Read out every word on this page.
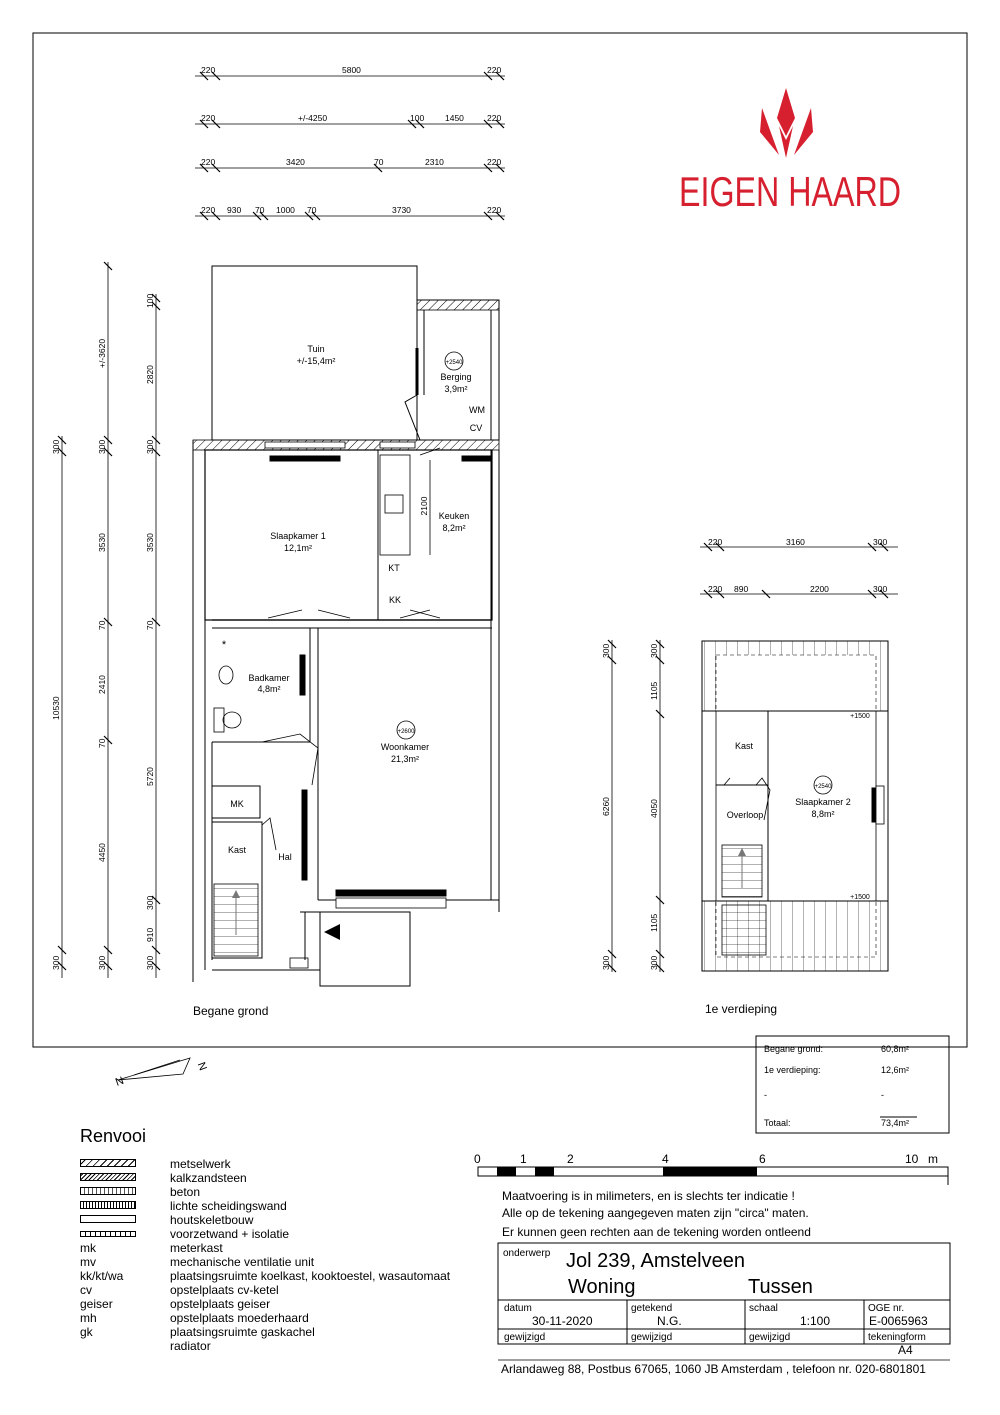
220	5800	220
220	+/-4250	100 1450	220
220	3420	70	2310	220
220 930 70 1000 70	3730	220
300
10530
300
+/-3620
300
3530
70
2410
70
4450
300
100
2820
300
3530
70
5720
300
910
300
Tuin
+/-15,4m²	+2540
Berging
3,9m²
WM
CV
Slaapkamer 1
12,1m²
Keuken
8,2m²
2100
KT
KK
Badkamer
4,8m²
+2600
Woonkamer
21,3m²
MK
Kast
Hal
*
Begane grond
220	3160	300
220 890	2200	300
300
6260
300
300
1105
4050
1105
300
Kast
Overloop
+2540
Slaapkamer 2
8,8m²
+1500
+1500
1e verdieping
N
N
Begane grond:	60,8m²
1e verdieping:	12,6m²
-	-
Totaal:	73,4m²
0	1	2	4	6	10 m
Maatvoering is in milimeters, en is slechts ter indicatie !
Alle op de tekening aangegeven maten zijn "circa" maten.
Er kunnen geen rechten aan de tekening worden ontleend
onderwerp Jol 239, Amstelveen
Woning	Tussen
datum
30-11-2020
getekend
N.G.
schaal
1:100
OGE nr.
E-0065963
gewijzigd	gewijzigd	gewijzigd	tekeningform
A4
Arlandaweg 88, Postbus 67065, 1060 JB Amsterdam , telefoon nr. 020-6801801
EIGEN HAARD
Renvooi
metselwerk
kalkzandsteen
beton
lichte scheidingswand
houtskeletbouw
voorzetwand + isolatie
mk	meterkast
mv	mechanische ventilatie unit
kk/kt/wa	plaatsingsruimte koelkast, kooktoestel, wasautomaat
cv	opstelplaats cv-ketel
geiser	opstelplaats geiser
mh	opstelplaats moederhaard
gk	plaatsingsruimte gaskachel
radiator
